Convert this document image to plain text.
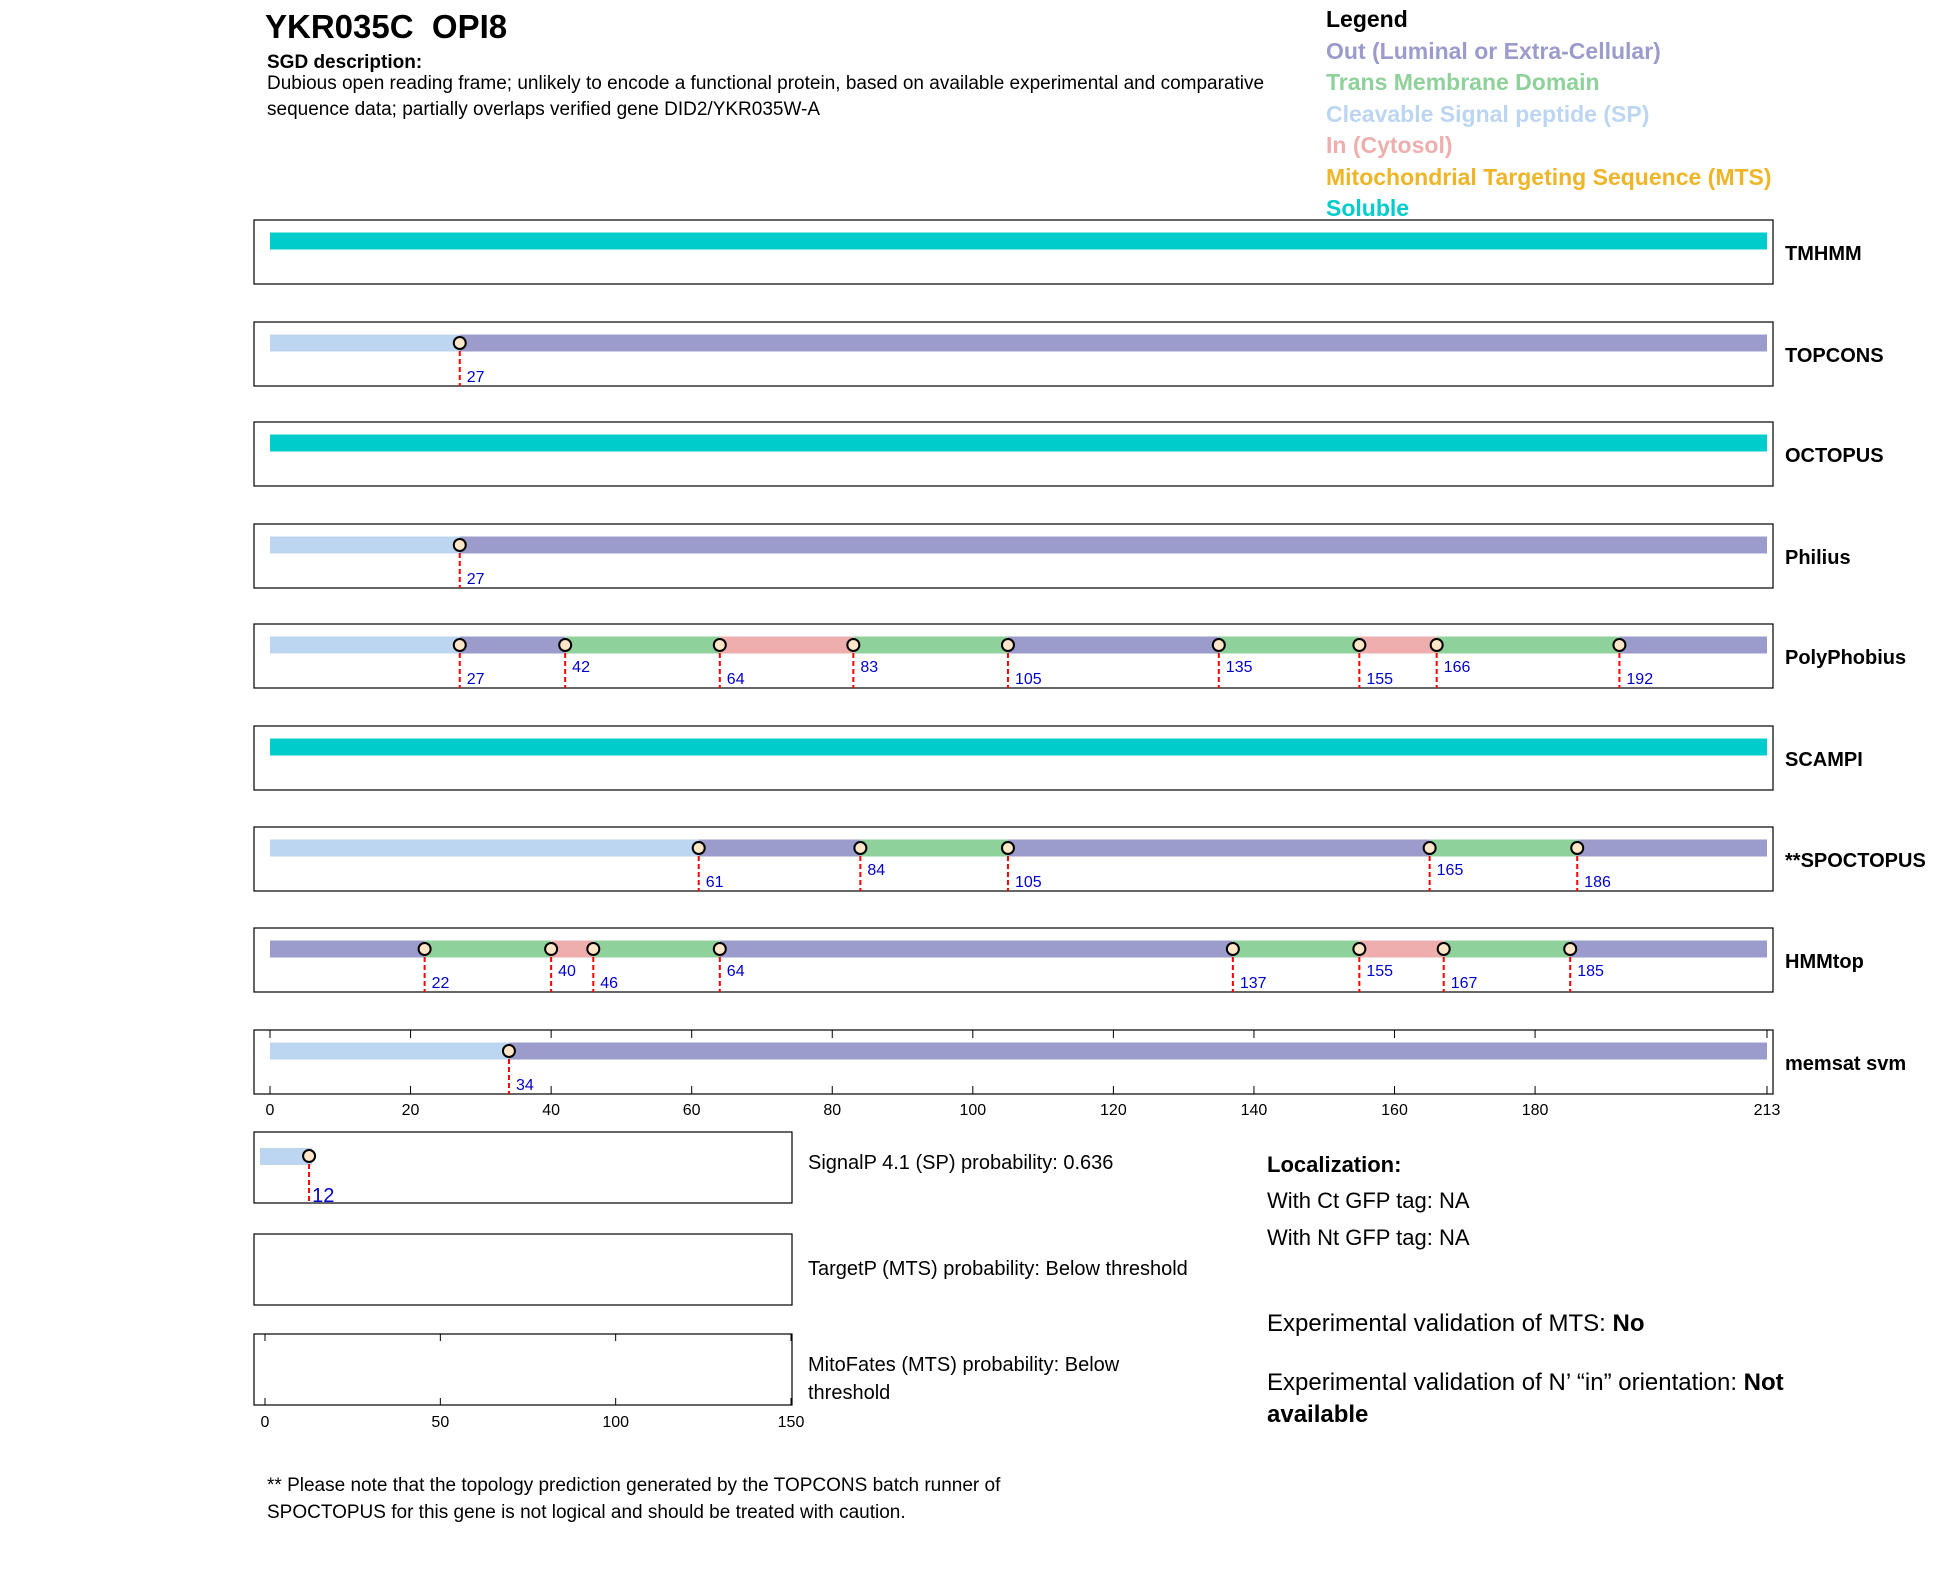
YKR035C OPI8
SGD description:
Dubious open reading frame; unlikely to encode a functional protein, based on available experimental and comparative sequence data; partially overlaps verified gene DID2/YKR035W-A
Legend
Out (Luminal or Extra-Cellular)
Trans Membrane Domain
Cleavable Signal peptide (SP)
In (Cytosol)
Mitochondrial Targeting Sequence (MTS)
Soluble
TMHMM
27
TOPCONS
OCTOPUS
27
Philius
27
42
64
83
105
135
155
166
192
PolyPhobius
SCAMPI
61
84
105
165
186
**SPOCTOPUS
22
40
46
64
137
155
167
185	HMMtop
34
memsat svm
0	20	40	60	80	100	120	140	160	180	213
12
0	50	100	150
SignalP 4.1 (SP) probability: 0.636
TargetP (MTS) probability: Below threshold
MitoFates (MTS) probability: Below
threshold
Localization:
With Ct GFP tag: NA
With Nt GFP tag: NA
Experimental validation of MTS: No
Experimental validation of N’ “in” orientation: Not
available
** Please note that the topology prediction generated by the TOPCONS batch runner of
SPOCTOPUS for this gene is not logical and should be treated with caution.
